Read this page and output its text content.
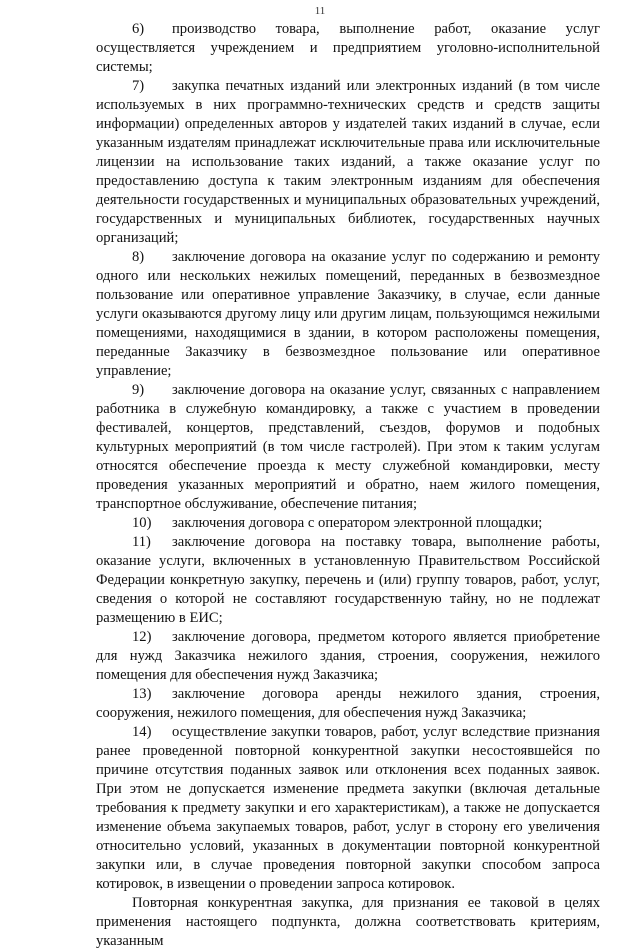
11

6) производство товара, выполнение работ, оказание услуг осуществляется учреждением и предприятием уголовно-исполнительной системы;

7) закупка печатных изданий или электронных изданий (в том числе используемых в них программно-технических средств и средств защиты информации) определенных авторов у издателей таких изданий в случае, если указанным издателям принадлежат исключительные права или исключительные лицензии на использование таких изданий, а также оказание услуг по предоставлению доступа к таким электронным изданиям для обеспечения деятельности государственных и муниципальных образовательных учреждений, государственных и муниципальных библиотек, государственных научных организаций;

8) заключение договора на оказание услуг по содержанию и ремонту одного или нескольких нежилых помещений, переданных в безвозмездное пользование или оперативное управление Заказчику, в случае, если данные услуги оказываются другому лицу или другим лицам, пользующимся нежилыми помещениями, находящимися в здании, в котором расположены помещения, переданные Заказчику в безвозмездное пользование или оперативное управление;

9) заключение договора на оказание услуг, связанных с направлением работника в служебную командировку, а также с участием в проведении фестивалей, концертов, представлений, съездов, форумов и подобных культурных мероприятий (в том числе гастролей). При этом к таким услугам относятся обеспечение проезда к месту служебной командировки, месту проведения указанных мероприятий и обратно, наем жилого помещения, транспортное обслуживание, обеспечение питания;

10) заключения договора с оператором электронной площадки;

11) заключение договора на поставку товара, выполнение работы, оказание услуги, включенных в установленную Правительством Российской Федерации конкретную закупку, перечень и (или) группу товаров, работ, услуг, сведения о которой не составляют государственную тайну, но не подлежат размещению в ЕИС;

12) заключение договора, предметом которого является приобретение для нужд Заказчика нежилого здания, строения, сооружения, нежилого помещения для обеспечения нужд Заказчика;

13) заключение договора аренды нежилого здания, строения, сооружения, нежилого помещения, для обеспечения нужд Заказчика;

14) осуществление закупки товаров, работ, услуг вследствие признания ранее проведенной повторной конкурентной закупки несостоявшейся по причине отсутствия поданных заявок или отклонения всех поданных заявок. При этом не допускается изменение предмета закупки (включая детальные требования к предмету закупки и его характеристикам), а также не допускается изменение объема закупаемых товаров, работ, услуг в сторону его увеличения относительно условий, указанных в документации повторной конкурентной закупки или, в случае проведения повторной закупки способом запроса котировок, в извещении о проведении запроса котировок.

Повторная конкурентная закупка, для признания ее таковой в целях применения настоящего подпункта, должна соответствовать критериям, указанным
